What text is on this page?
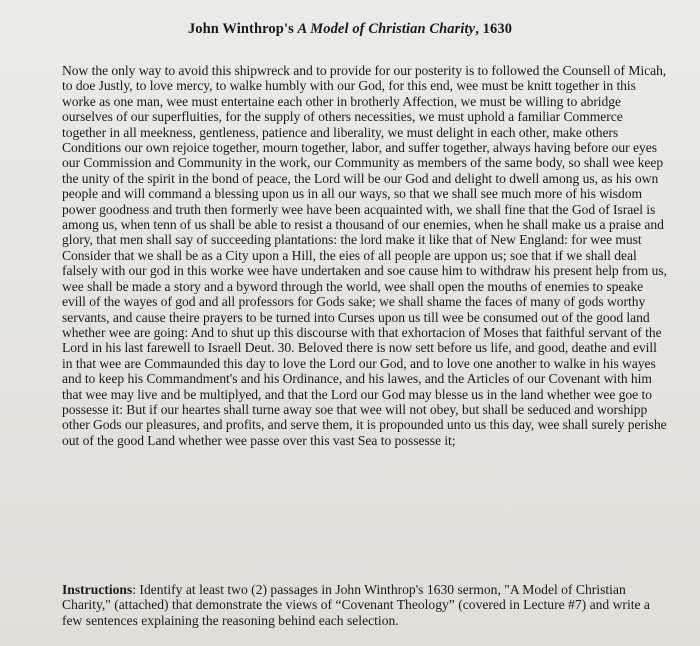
John Winthrop's A Model of Christian Charity, 1630
Now the only way to avoid this shipwreck and to provide for our posterity is to followed the Counsell of Micah, to doe Justly, to love mercy, to walke humbly with our God, for this end, wee must be knitt together in this worke as one man, wee must entertaine each other in brotherly Affection, we must be willing to abridge ourselves of our superfluities, for the supply of others necessities, we must uphold a familiar Commerce together in all meekness, gentleness, patience and liberality, we must delight in each other, make others Conditions our own rejoice together, mourn together, labor, and suffer together, always having before our eyes our Commission and Community in the work, our Community as members of the same body, so shall wee keep the unity of the spirit in the bond of peace, the Lord will be our God and delight to dwell among us, as his own people and will command a blessing upon us in all our ways, so that we shall see much more of his wisdom power goodness and truth then formerly wee have been acquainted with, we shall fine that the God of Israel is among us, when tenn of us shall be able to resist a thousand of our enemies, when he shall make us a praise and glory, that men shall say of succeeding plantations: the lord make it like that of New England: for wee must Consider that we shall be as a City upon a Hill, the eies of all people are uppon us; soe that if we shall deal falsely with our god in this worke wee have undertaken and soe cause him to withdraw his present help from us, wee shall be made a story and a byword through the world, wee shall open the mouths of enemies to speake evill of the wayes of god and all professors for Gods sake; we shall shame the faces of many of gods worthy servants, and cause theire prayers to be turned into Curses upon us till wee be consumed out of the good land whether wee are going: And to shut up this discourse with that exhortacion of Moses that faithful servant of the Lord in his last farewell to Israell Deut. 30. Beloved there is now sett before us life, and good, deathe and evill in that wee are Commaunded this day to love the Lord our God, and to love one another to walke in his wayes and to keep his Commandment's and his Ordinance, and his lawes, and the Articles of our Covenant with him that wee may live and be multiplyed, and that the Lord our God may blesse us in the land whether wee goe to possesse it: But if our heartes shall turne away soe that wee will not obey, but shall be seduced and worshipp other Gods our pleasures, and profits, and serve them, it is propounded unto us this day, wee shall surely perishe out of the good Land whether wee passe over this vast Sea to possesse it;
Instructions: Identify at least two (2) passages in John Winthrop's 1630 sermon, "A Model of Christian Charity," (attached) that demonstrate the views of “Covenant Theology” (covered in Lecture #7) and write a few sentences explaining the reasoning behind each selection.
